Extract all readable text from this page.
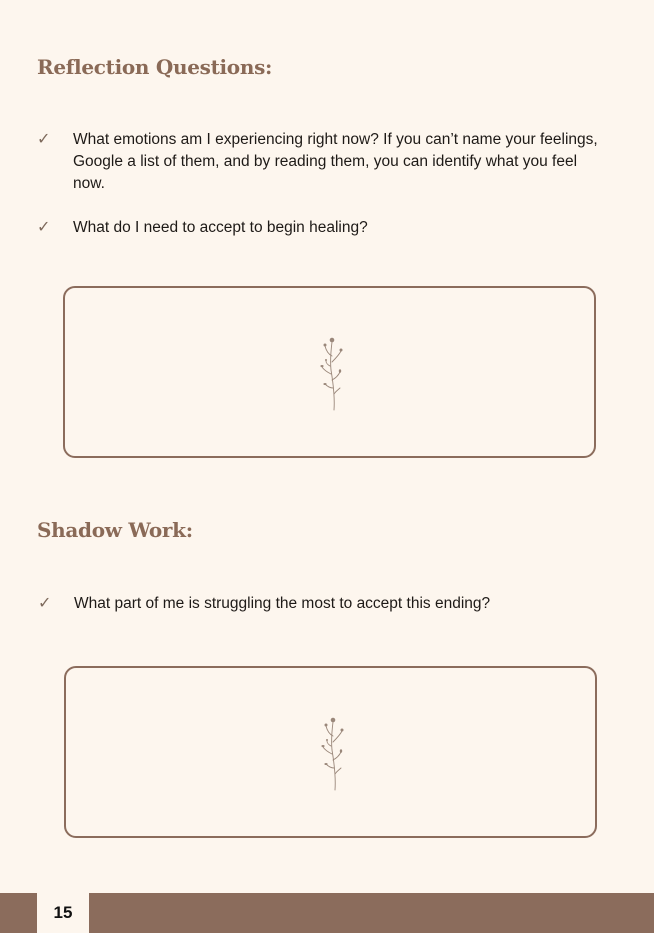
Reflection Questions:
✓	What emotions am I experiencing right now? If you can’t name your feelings, Google a list of them, and by reading them, you can identify what you feel now.
✓	What do I need to accept to begin healing?
Shadow Work:
✓	What part of me is struggling the most to accept this ending?
15
